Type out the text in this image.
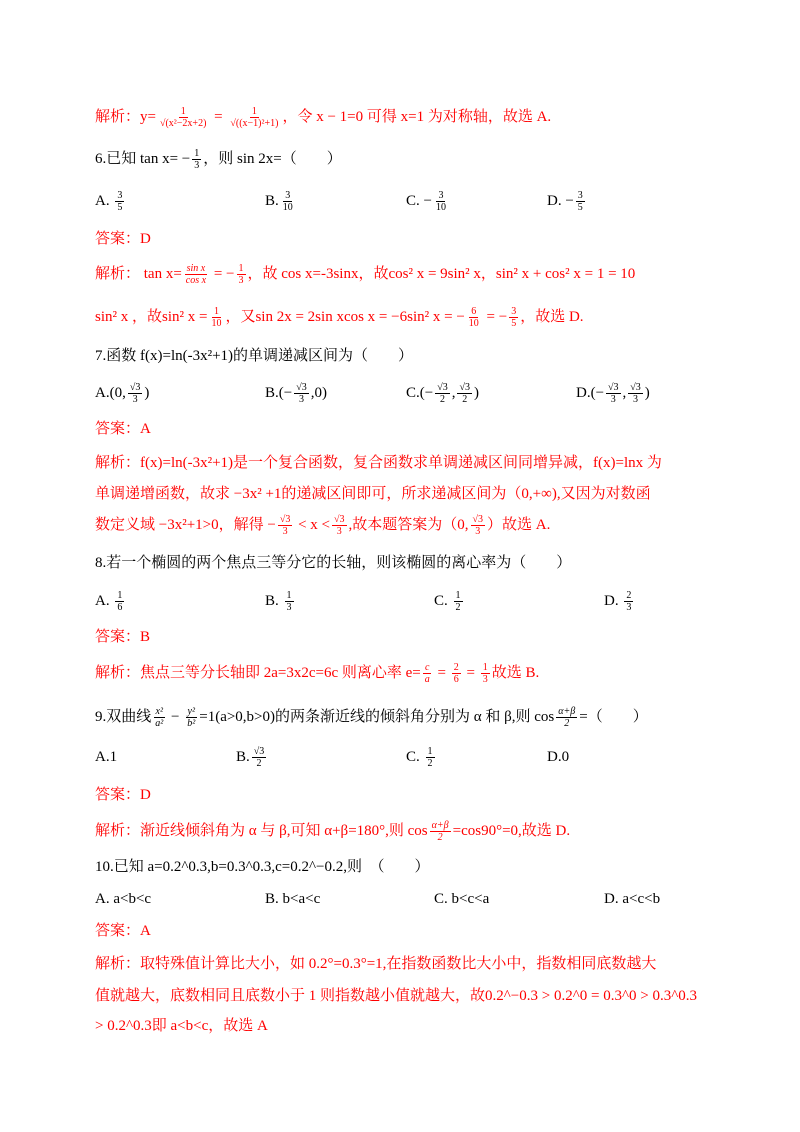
解析：$y= \frac{1}{\text{√(x²−2x+2)}} = \frac{1}{\text{√((x−1)²+1)}}$ ，令 x − 1=0 可得 x=1 为对称轴，故选 A.
6.已知 $\tan x= - \frac{1}{3}$ ，则 sin 2x=（　　）
A. $\frac{3}{5}$	B. $\frac{3}{10}$	C. − $\frac{3}{10}$	D. − $\frac{3}{5}$
答案：D
解析： $\tan x= \frac{\text{sin x}}{\text{cos x}}$ = − $\frac{1}{3}$ ，故 cos x=-3sinx，故cos² x = 9sin² x，sin² x + cos² x = 1 = 10
sin² x ，故sin² $x = \frac{1}{10}$ ，又sin 2x = 2sin xcos x = −6sin² x = − $\frac{6}{10}$ = − $\frac{3}{5}$ ，故选 D.
7.函数 f(x)=ln(-3x²+1)的单调递减区间为（　　）
A.(0, $\frac{√3}{3}$ )	$B.(- \frac{√3}{3} ,0)$	$C.(- \frac{√3}{2}$ , $\frac{√3}{2}$ )	$D.(- \frac{√3}{3}$ , $\frac{√3}{3}$ )
答案：A
解析：f(x)=ln(-3x²+1)是一个复合函数，复合函数求单调递减区间同增异减，f(x)=lnx 为
单调递增函数，故求 −3x² +1的递减区间即可，所求递减区间为（0,+∞),又因为对数函
数定义域 −3x²+1>0，解得 − $\frac{√3}{3} < x < \frac{√3}{3}$ ,故本题答案为（0, $\frac{√3}{3}$ ）故选 A.
8.若一个椭圆的两个焦点三等分它的长轴，则该椭圆的离心率为（　　）
A. $\frac{1}{6}$	B. $\frac{1}{3}$	C. $\frac{1}{2}$	D. $\frac{2}{3}$
答案：B
解析：焦点三等分长轴即 2a=3x2c=6c 则离心率 $e= \frac{c}{a} = \frac{2}{6} = \frac{1}{3}$ 故选 B.
9.双曲线 $\frac{\text{x²}}{\text{a²}} - \frac{\text{y²}}{\text{b²}} =1(a>0,b>0)$的两条渐近线的倾斜角分别为 α 和 β,则 $\cos \frac{\alpha+\beta}{2}$ =（　　）
A.1	B. $\frac{√3}{2}$	C. $\frac{1}{2}$	D.0
答案：D
解析：渐近线倾斜角为 α 与 β,可知 α+β=180°,则 $\cos \frac{\alpha+\beta}{2} =\cos 90^\circ=0$,故选 D.
10.已知 a=0.2^0.3,b=0.3^0.3,c=0.2^−0.2,则　（　　）
A. a<b<c	B. b<a<c	C. b<c<a	D. a<c<b
答案：A
解析：取特殊值计算比大小，如 0.2°=0.3°=1,在指数函数比大小中，指数相同底数越大
值就越大，底数相同且底数小于 1 则指数越小值就越大，故0.2^−0.3 > 0.2^0 = 0.3^0 > 0.3^0.3
> 0.2^0.3即 a<b<c，故选 A
